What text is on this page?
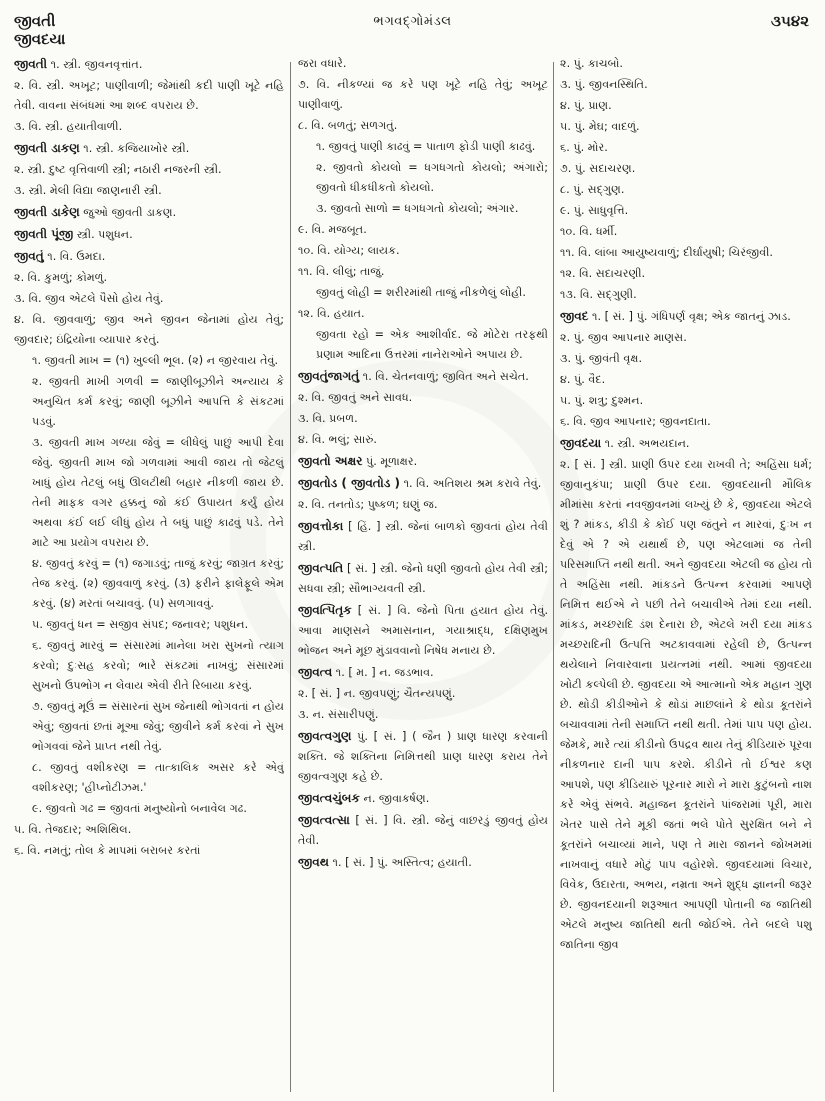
જીવતી
જીવદયા
ભગવદ્ગોમંડલ	૩૫૪૨
જીવતી ૧. સ્ત્રી. જીવનવૃત્તાંત.
૨. વિ. સ્ત્રી. અખૂટ; પાણીવાળી; જેમાંથી કદી પાણી ખૂટે નહિ તેવી. વાવના સંબંધમાં આ શબ્દ વપરાય છે.
૩. વિ. સ્ત્રી. હયાતીવાળી.
જીવતી ડાકણ ૧. સ્ત્રી. કજિયાખોર સ્ત્રી.
૨. સ્ત્રી. દુષ્ટ વૃત્તિવાળી સ્ત્રી; નઠારી નજરની સ્ત્રી.
૩. સ્ત્રી. મેલી વિદ્યા જાણનારી સ્ત્રી.
જીવતી ડાકેણ જુઓ જીવતી ડાકણ.
જીવતી પૂંજી સ્ત્રી. પશુધન.
જીવતું ૧. વિ. ઉમદા.
૨. વિ. કુમળું; કોમળું.
૩. વિ. જીવ એટલે પૈસો હોય તેવું.
૪. વિ. જીવવાળું; જીવ અને જીવન જેનામાં હોય તેવું; જીવદાર; ઇંદ્રિયોના વ્યાપાર કરતું.
૧. જીવતી માખ = (૧) ખુલ્લી ભૂલ. (૨) ન જીરવાય તેવું.
૨. જીવતી માખી ગળવી = જાણીબૂઝીને અન્યાય કે અનુચિત કર્મ કરવું; જાણી બૂઝીને આપત્તિ કે સંકટમાં પડવું.
૩. જીવતી માખ ગળ્યા જેવું = લીધેલું પાછું આપી દેવા જેવું. જીવતી માખ જો ગળવામાં આવી જાય તો જેટલું ખાધું હોય તેટલું બધું ઊલટીથી બહાર નીકળી જાય છે. તેની માફક વગર હક્કનું જો કંઈ ઉપાયત કર્યું હોય અથવા કંઈ લઈ લીધું હોય તે બધું પાછું કાઢવું પડે. તેને માટે આ પ્રયોગ વપરાય છે.
૪. જીવતું કરવું = (૧) જગાડવું; તાજું કરવું; જાગ્રત કરવું; તેજ કરવું. (૨) જીવવાળું કરવું. (૩) ફરીને ફાલેફૂલે એમ કરવું. (૪) મરતાં બચાવવું. (૫) સળગાવવું.
૫. જીવતું ધન = સજીવ સંપદ; જનાવર; પશુધન.
૬. જીવતું મારવું = સંસારમાં માનેલા ખરા સુખનો ત્યાગ કરવો; દુઃસહ કરવો; ભારે સંકટમાં નાખવું; સંસારમાં સુખનો ઉપભોગ ન લેવાય એવી રીતે રિબાયા કરવું.
૭. જીવતું મૂઉં = સંસારનાં સુખ જેનાથી ભોગવતાં ન હોય એવું; જીવતાં છતાં મૂઆ જેવું; જીવીને કર્મ કરવાં ને સુખ ભોગવવાં જેને પ્રાપ્ત નથી તેવું.
૮. જીવતું વશીકરણ = તાત્કાલિક અસર કરે એવું વશીકરણ; 'હીપ્નોટીઝમ.'
૯. જીવતો ગઢ = જીવતાં મનુષ્યોનો બનાવેલ ગઢ.
૫. વિ. તેજદાર; અશિથિલ.
૬. વિ. નમતું; તોલ કે માપમાં બરાબર કરતાં
જરા વધારે.
૭. વિ. નીકળ્યાં જ કરે પણ ખૂટે નહિ તેવું; અખૂટ પાણીવાળું.
૮. વિ. બળતું; સળગતું.
૧. જીવતું પાણી કાઢવું = પાતાળ ફોડી પાણી કાઢવું.
૨. જીવતો કોયલો = ધગધગતો કોયલો; અંગારો; જીવતો ધીકધીકતો કોયલો.
૩. જીવતો સાળો = ધગધગતો કોયલો; અંગાર.
૯. વિ. મજબૂત.
૧૦. વિ. યોગ્ય; લાયક.
૧૧. વિ. લીલું; તાજું.
જીવતું લોહી = શરીરમાંથી તાજું નીકળેલું લોહી.
૧૨. વિ. હયાત.
જીવતા રહો = એક આશીર્વાદ. જે મોટેરા તરફથી પ્રણામ આદિના ઉત્તરમાં નાનેરાઓને અપાય છે.
જીવતુંજાગતું ૧. વિ. ચેતનવાળું; જીવિત અને સચેત.
૨. વિ. જીવતું અને સાવધ.
૩. વિ. પ્રબળ.
૪. વિ. ભલું; સારું.
જીવતો અક્ષર પું. મૂળાક્ષર.
જીવતોડ ( જીવતોડ ) ૧. વિ. અતિશય શ્રમ કરાવે તેવું.
૨. વિ. તનતોડ; પુષ્કળ; ઘણું જ.
જીવત્તોકા [ હિં. ] સ્ત્રી. જેનાં બાળકો જીવતાં હોય તેવી સ્ત્રી.
જીવત્પતિ [ સં. ] સ્ત્રી. જેનો ધણી જીવતો હોય તેવી સ્ત્રી; સધવા સ્ત્રી; સૌભાગ્યવતી સ્ત્રી.
જીવત્પિતૃક [ સં. ] વિ. જેનો પિતા હયાત હોય તેવું. આવા માણસને અમાસનાન, ગયાશ્રાદ્ધ, દક્ષિણમુખ ભોજન અને મૂછ મુંડાવવાનો નિષેધ મનાય છે.
જીવત્વ ૧. [ મ. ] ન. જડભાવ.
૨. [ સં. ] ન. જીવપણું; ચૈતન્યપણું.
૩. ન. સંસારીપણું.
જીવત્વગુણ પું. [ સં. ] ( જૈન ) પ્રાણ ધારણ કરવાની શક્તિ. જે શક્તિના નિમિત્તથી પ્રાણ ધારણ કરાય તેને જીવત્વગુણ કહે છે.
જીવત્વચુંબક ન. જીવાકર્ષણ.
જીવત્વત્સા [ સં. ] વિ. સ્ત્રી. જેનું વાછરડું જીવતું હોય તેવી.
જીવથ ૧. [ સં. ] પું. અસ્તિત્વ; હયાતી.
૨. પું. કાચબો.
૩. પું. જીવનસ્થિતિ.
૪. પું. પ્રાણ.
૫. પું. મેઘ; વાદળું.
૬. પું. મોર.
૭. પું. સદાચરણ.
૮. પું. સદ્ગુણ.
૯. પું. સાધુવૃત્તિ.
૧૦. વિ. ધર્મી.
૧૧. વિ. લાંબા આયુષ્યવાળું; દીર્ઘાયુષી; ચિરંજીવી.
૧૨. વિ. સદાચરણી.
૧૩. વિ. સદ્ગુણી.
જીવદ ૧. [ સં. ] પું. ગંધિપર્ણ વૃક્ષ; એક જાતનું ઝાડ.
૨. પું. જીવ આપનાર માણસ.
૩. પું. જીવંતી વૃક્ષ.
૪. પું. વૈદ.
૫. પું. શત્રુ; દુશ્મન.
૬. વિ. જીવ આપનાર; જીવનદાતા.
જીવદયા ૧. સ્ત્રી. અભયદાન.
૨. [ સં. ] સ્ત્રી. પ્રાણી ઉપર દયા રાખવી તે; અહિંસા ધર્મ; જીવાનુકંપા; પ્રાણી ઉપર દયા. જીવદયાની મૌલિક મીમાંસા કરતાં નવજીવનમાં લખ્યું છે કે, જીવદયા એટલે શું ? માંકડ, કીડી કે કોઈ પણ જંતુને ન મારવાં, દુઃખ ન દેવું એ ? એ યથાર્થ છે, પણ એટલામાં જ તેની પરિસમાપ્તિ નથી થતી. અને જીવદયા એટલી જ હોય તો તે અહિંસા નથી. માંકડને ઉત્પન્ન કરવામાં આપણે નિમિત્ત થઈએ ને પછી તેને બચાવીએ તેમાં દયા નથી. માંકડ, મચ્છરાદિ ડંશ દેનારા છે, એટલે ખરી દયા માંકડ મચ્છરાદિની ઉત્પત્તિ અટકાવવામાં રહેલી છે, ઉત્પન્ન થયેલાને નિવારવાના પ્રયત્નમાં નથી. આમાં જીવદયા ખોટી કલ્પેલી છે. જીવદયા એ આત્માનો એક મહાન ગુણ છે. થોડી કીડીઓને કે થોડાં માછલાંને કે થોડા કૂતરાંને બચાવવામાં તેની સમાપ્તિ નથી થતી. તેમાં પાપ પણ હોય. જેમકે, મારે ત્યાં કીડીનો ઉપદ્રવ થાય તેનું કીડિયારું પૂરવા નીકળનાર દાની પાપ કરશે. કીડીને તો ઈશ્વર કણ આપશે, પણ કીડિયારું પૂરનાર મારો ને મારા કુટુંબનો નાશ કરે એવું સંભવે. મહાજન કૂતરાંને પાંજરામાં પૂરી, મારા ખેતર પાસે તેને મૂકી જતાં ભલે પોતે સુરક્ષિત બને ને કૂતરાંને બચાવ્યાં માને, પણ તે મારા જાનને જોખમમાં નાખવાનું વધારે મોટું પાપ વહોરશે. જીવદયામાં વિચાર, વિવેક, ઉદારતા, અભય, નમ્રતા અને શુદ્ધ જ્ઞાનની જરૂર છે. જીવનદયાની શરૂઆત આપણી પોતાની જ જાતિથી એટલે મનુષ્ય જાતિથી થતી જોઈએ. તેને બદલે પશુ જાતિના જીવ
